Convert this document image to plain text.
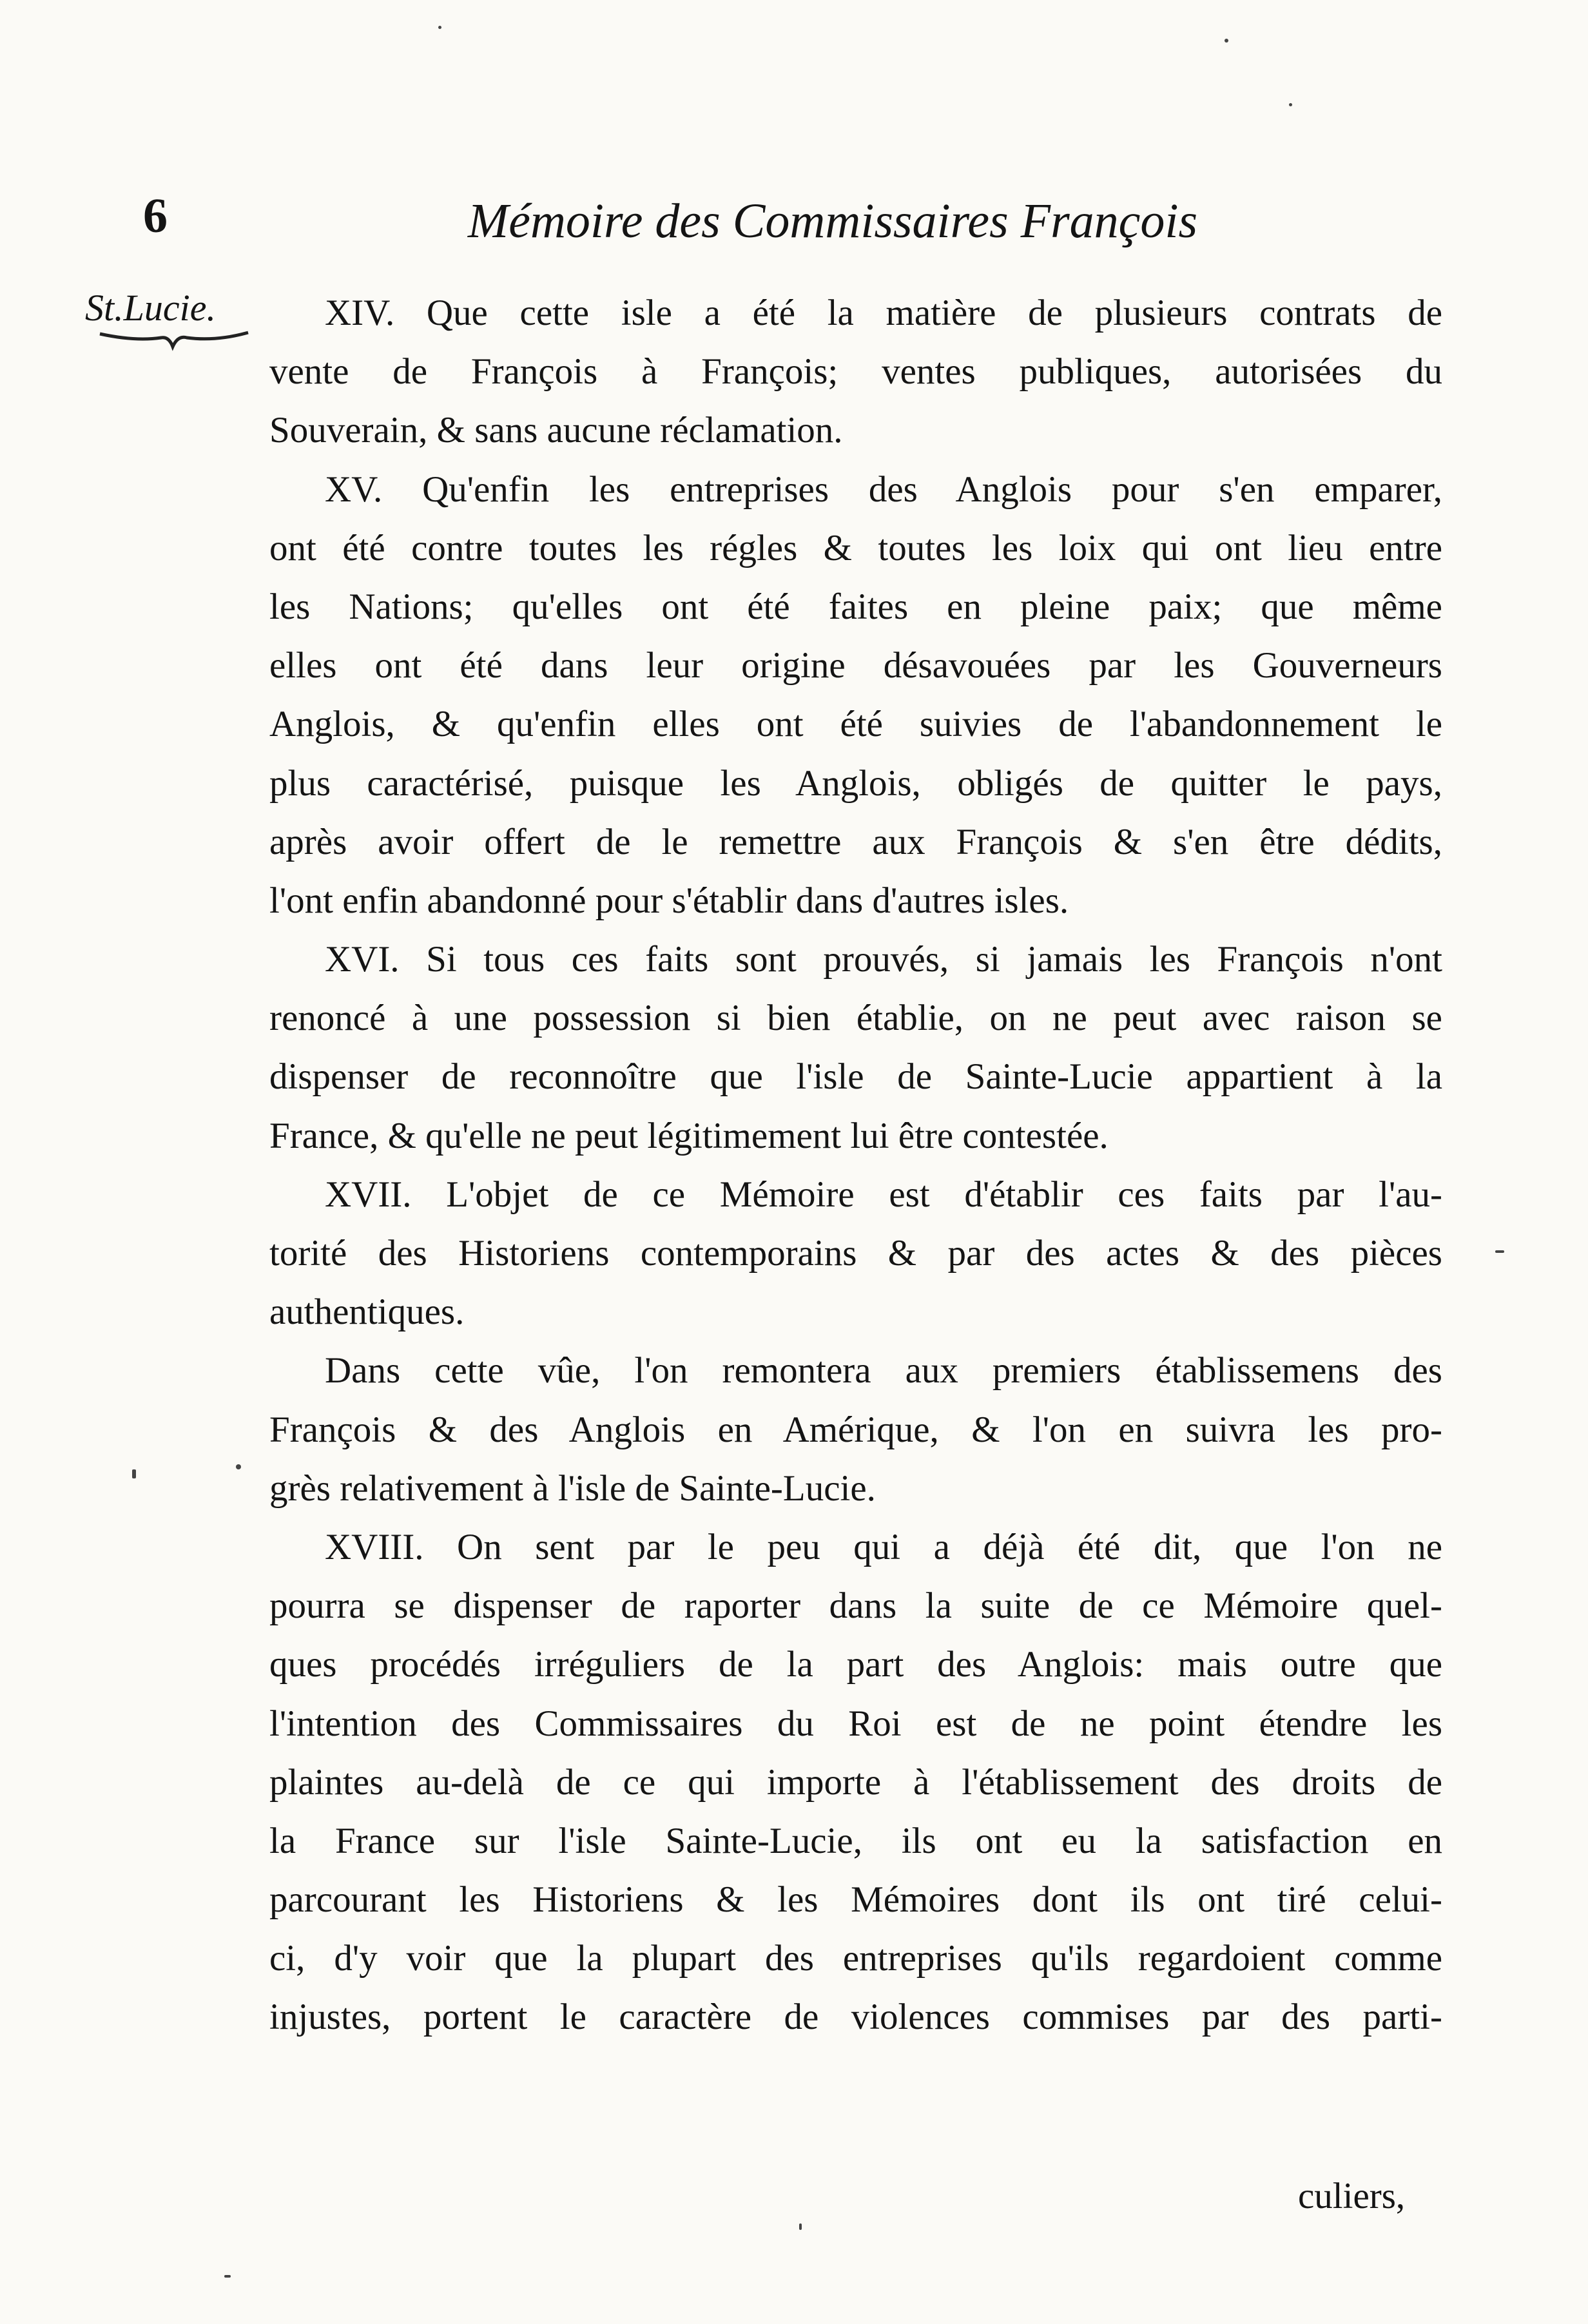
6	Mémoire des Commissaires François
St.Lucie.	XIV. Que cette isle a été la matière de plusieurs contrats de
vente de François à François; ventes publiques, autorisées du
Souverain, & sans aucune réclamation.
XV. Qu'enfin les entreprises des Anglois pour s'en emparer,
ont été contre toutes les régles & toutes les loix qui ont lieu entre
les Nations; qu'elles ont été faites en pleine paix; que même
elles ont été dans leur origine désavouées par les Gouverneurs
Anglois, & qu'enfin elles ont été suivies de l'abandonnement le
plus caractérisé, puisque les Anglois, obligés de quitter le pays,
après avoir offert de le remettre aux François & s'en être dédits,
l'ont enfin abandonné pour s'établir dans d'autres isles.
XVI. Si tous ces faits sont prouvés, si jamais les François n'ont
renoncé à une possession si bien établie, on ne peut avec raison se
dispenser de reconnoître que l'isle de Sainte-Lucie appartient à la
France, & qu'elle ne peut légitimement lui être contestée.
XVII. L'objet de ce Mémoire est d'établir ces faits par l'au-
torité des Historiens contemporains & par des actes & des pièces
authentiques.
Dans cette vûe, l'on remontera aux premiers établissemens des
François & des Anglois en Amérique, & l'on en suivra les pro-
grès relativement à l'isle de Sainte-Lucie.
XVIII. On sent par le peu qui a déjà été dit, que l'on ne
pourra se dispenser de raporter dans la suite de ce Mémoire quel-
ques procédés irréguliers de la part des Anglois: mais outre que
l'intention des Commissaires du Roi est de ne point étendre les
plaintes au-delà de ce qui importe à l'établissement des droits de
la France sur l'isle Sainte-Lucie, ils ont eu la satisfaction en
parcourant les Historiens & les Mémoires dont ils ont tiré celui-
ci, d'y voir que la plupart des entreprises qu'ils regardoient comme
injustes, portent le caractère de violences commises par des parti-
culiers,
